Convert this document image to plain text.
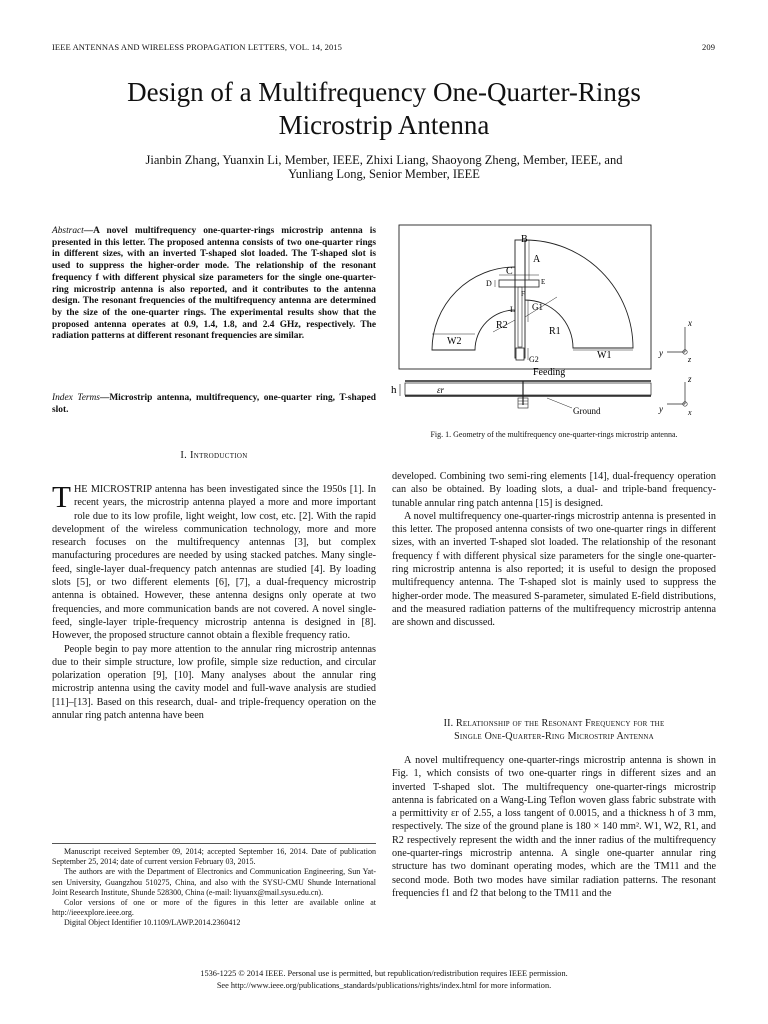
IEEE ANTENNAS AND WIRELESS PROPAGATION LETTERS, VOL. 14, 2015	209
Design of a Multifrequency One-Quarter-Rings
Microstrip Antenna
Jianbin Zhang, Yuanxin Li, Member, IEEE, Zhixi Liang, Shaoyong Zheng, Member, IEEE, and
Yunliang Long, Senior Member, IEEE
Abstract—A novel multifrequency one-quarter-rings microstrip antenna is presented in this letter. The proposed antenna consists of two one-quarter rings in different sizes, with an inverted T-shaped slot loaded. The T-shaped slot is used to suppress the higher-order mode. The relationship of the resonant frequency f with different physical size parameters for the single one-quarter-ring microstrip antenna is also reported, and it contributes to the antenna design. The resonant frequencies of the multifrequency antenna are determined by the size of the one-quarter rings. The experimental results show that the proposed antenna operates at 0.9, 1.4, 1.8, and 2.4 GHz, respectively. The radiation patterns at different resonant frequencies are similar.
Index Terms—Microstrip antenna, multifrequency, one-quarter ring, T-shaped slot.
I. Introduction

THE MICROSTRIP antenna has been investigated since the 1950s [1]. In recent years, the microstrip antenna played a more and more important role due to its low profile, light weight, low cost, etc. [2]. With the rapid development of the wireless communication technology, more and more research focuses on the multifrequency antennas [3], but complex manufacturing procedures are needed by using stacked patches. Many single-feed, single-layer dual-frequency patch antennas are studied [4]. By loading slots [5], or two different elements [6], [7], a dual-frequency microstrip antenna is obtained. However, these antenna designs only operate at two frequencies, and more communication bands are not covered. A novel single-feed, single-layer triple-frequency microstrip antenna is designed in [8]. However, the proposed structure cannot obtain a flexible frequency ratio.

People begin to pay more attention to the annular ring microstrip antennas due to their simple structure, low profile, simple size reduction, and circular polarization operation [9], [10]. Many analyses about the annular ring microstrip antenna using the cavity model and full-wave analysis are studied [11]–[13]. Based on this research, dual- and triple-frequency operation on the annular ring patch antenna have been

Manuscript received September 09, 2014; accepted September 16, 2014. Date of publication September 25, 2014; date of current version February 03, 2015.

The authors are with the Department of Electronics and Communication Engineering, Sun Yat-sen University, Guangzhou 510275, China, and also with the SYSU-CMU Shunde International Joint Research Institute, Shunde 528300, China (e-mail: liyuanx@mail.sysu.edu.cn).

Color versions of one or more of the figures in this letter are available online at http://ieeexplore.ieee.org.

Digital Object Identifier 10.1109/LAWP.2014.2360412

B
A
C
D	E
F
L G1
R1
R2
W2
W1
G2
Feeding
x
y
z
h	εr
Ground
z
y	x
Fig. 1. Geometry of the multifrequency one-quarter-rings microstrip antenna.

developed. Combining two semi-ring elements [14], dual-frequency operation can also be obtained. By loading slots, a dual- and triple-band frequency-tunable annular ring patch antenna [15] is designed.

A novel multifrequency one-quarter-rings microstrip antenna is presented in this letter. The proposed antenna consists of two one-quarter rings in different sizes, with an inverted T-shaped slot loaded. The relationship of the resonant frequency f with different physical size parameters for the single one-quarter-ring microstrip antenna is also reported; it is useful to design the proposed multifrequency antenna. The T-shaped slot is mainly used to suppress the higher-order mode. The measured S-parameter, simulated E-field distributions, and the measured radiation patterns of the multifrequency microstrip antenna are shown and discussed.

II. Relationship of the Resonant Frequency for the
Single One-Quarter-Ring Microstrip Antenna

A novel multifrequency one-quarter-rings microstrip antenna is shown in Fig. 1, which consists of two one-quarter rings in different sizes and an inverted T-shaped slot. The multifrequency one-quarter-rings microstrip antenna is fabricated on a Wang-Ling Teflon woven glass fabric substrate with a permittivity εr of 2.55, a loss tangent of 0.0015, and a thickness h of 3 mm, respectively. The size of the ground plane is 180 × 140 mm². W1, W2, R1, and R2 respectively represent the width and the inner radius of the multifrequency one-quarter-rings microstrip antenna. A single one-quarter annular ring structure has two dominant operating modes, which are the TM11 and the second mode. Both two modes have similar radiation patterns. The resonant frequencies f1 and f2 that belong to the TM11 and the

1536-1225 © 2014 IEEE. Personal use is permitted, but republication/redistribution requires IEEE permission.
See http://www.ieee.org/publications_standards/publications/rights/index.html for more information.
